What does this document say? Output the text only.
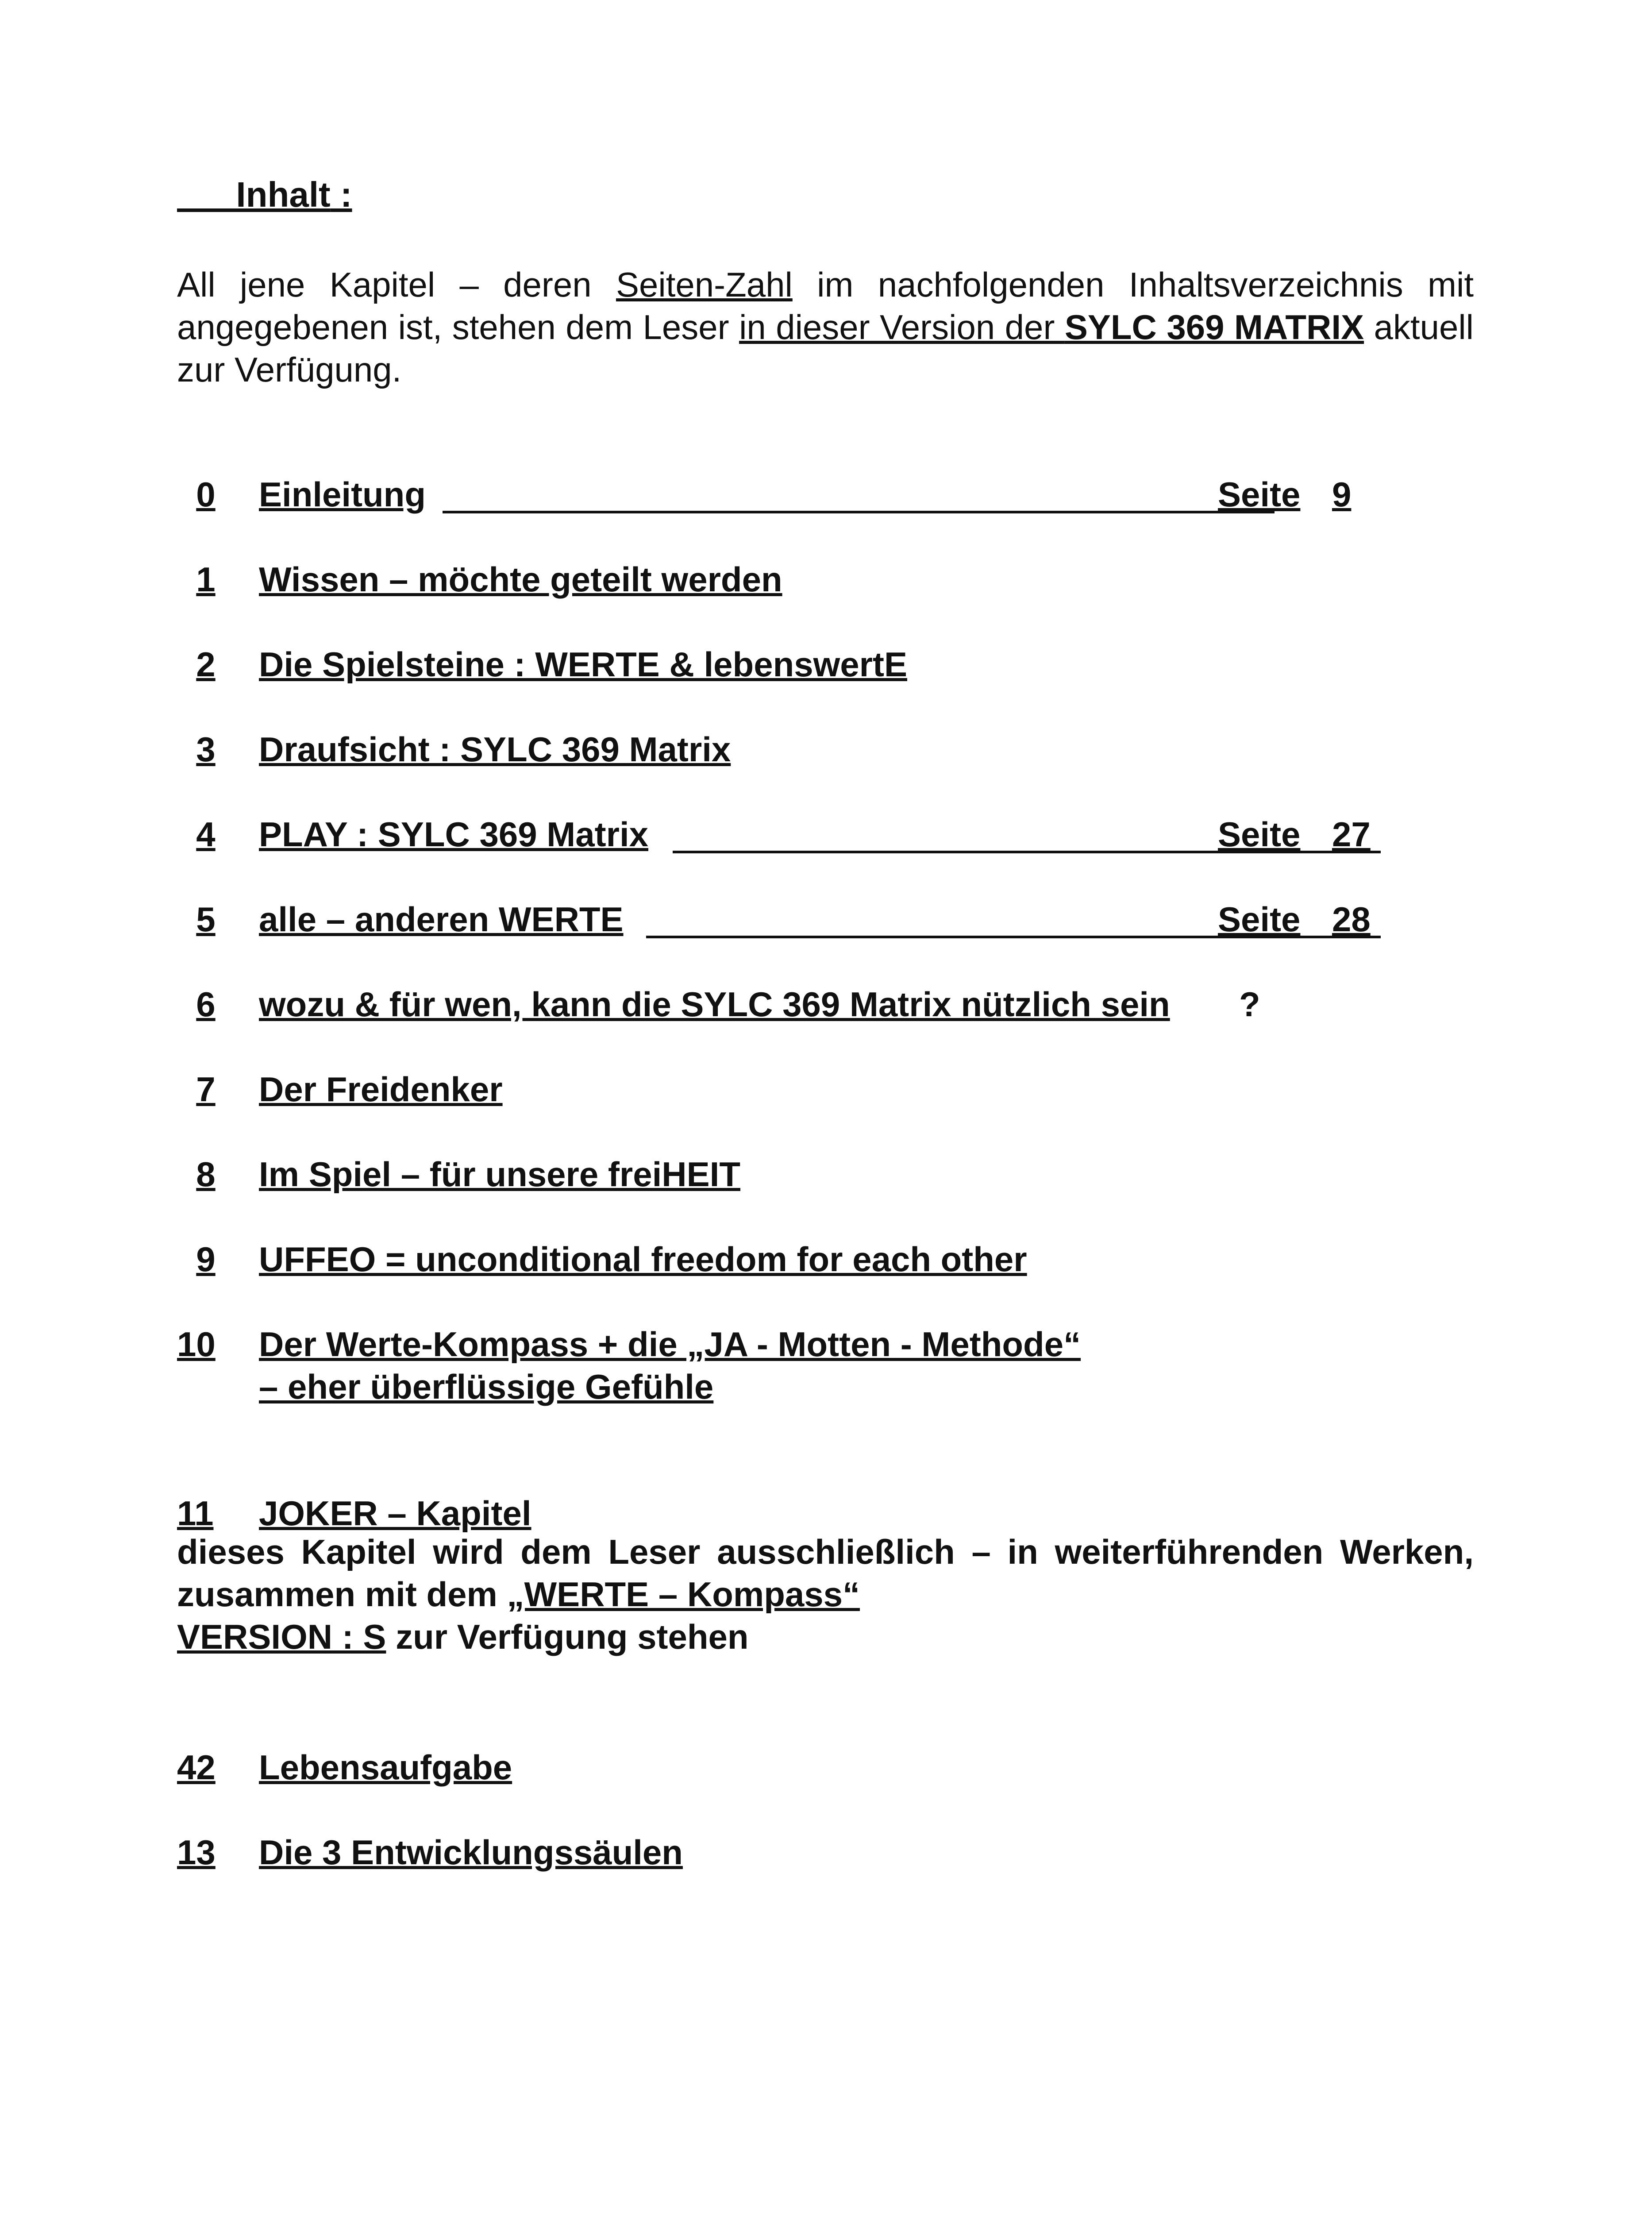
Inhalt :
All jene Kapitel – deren Seiten-Zahl im nachfolgenden Inhaltsverzeichnis mit angegebenen ist, stehen dem Leser in dieser Version der SYLC 369 MATRIX aktuell zur Verfügung.
0	Einleitung	Seite 9
1	Wissen – möchte geteilt werden
2	Die Spielsteine : WERTE & lebenswertE
3	Draufsicht : SYLC 369 Matrix
4	PLAY : SYLC 369 Matrix	Seite 27
5	alle – anderen WERTE	Seite 28
6	wozu & für wen, kann die SYLC 369 Matrix nützlich sein ?
7	Der Freidenker
8	Im Spiel – für unsere freiHEIT
9	UFFEO = unconditional freedom for each other
10 Der Werte-Kompass + die „JA - Motten - Methode“
– eher überflüssige Gefühle
11 JOKER – Kapitel
dieses Kapitel wird dem Leser ausschließlich – in weiterführenden Werken, zusammen mit dem „WERTE – Kompass“
VERSION : S zur Verfügung stehen
42 Lebensaufgabe
13 Die 3 Entwicklungssäulen
